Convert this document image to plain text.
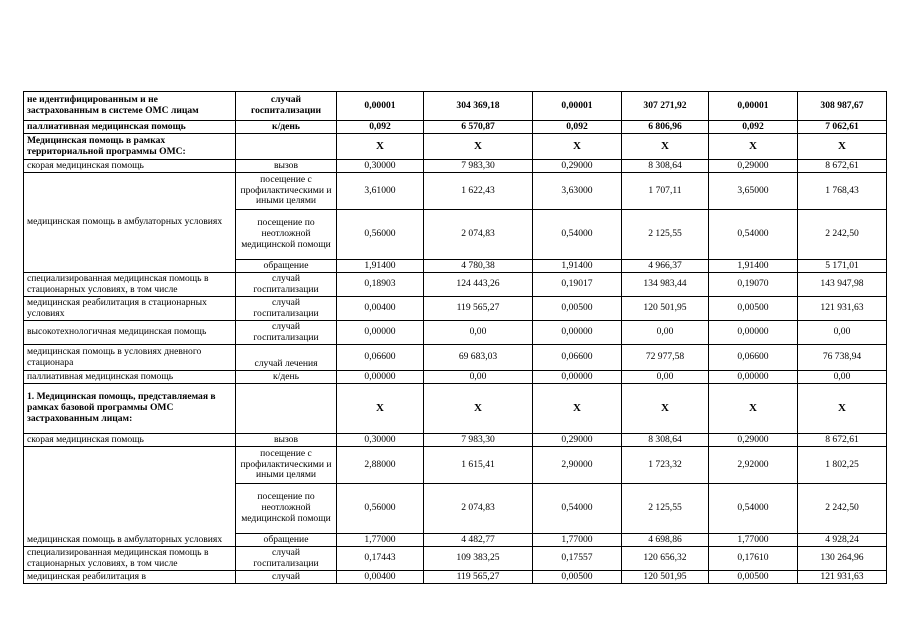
не идентифицированным и не застрахованным в системе ОМС лицам	случай госпитализации	0,00001	304 369,18	0,00001	307 271,92	0,00001	308 987,67
паллиативная медицинская помощь	к/день	0,092	6 570,87	0,092	6 806,96	0,092	7 062,61
Медицинская помощь в рамках территориальной программы ОМС:		Х	Х	Х	Х	Х	Х
скорая медицинская помощь	вызов	0,30000	7 983,30	0,29000	8 308,64	0,29000	8 672,61
медицинская помощь в амбулаторных условиях	посещение с профилактическими и иными целями	3,61000	1 622,43	3,63000	1 707,11	3,65000	1 768,43
	посещение по неотложной медицинской помощи	0,56000	2 074,83	0,54000	2 125,55	0,54000	2 242,50
	обращение	1,91400	4 780,38	1,91400	4 966,37	1,91400	5 171,01
специализированная медицинская помощь в стационарных условиях, в том числе	случай госпитализации	0,18903	124 443,26	0,19017	134 983,44	0,19070	143 947,98
медицинская реабилитация в стационарных условиях	случай госпитализации	0,00400	119 565,27	0,00500	120 501,95	0,00500	121 931,63
высокотехнологичная медицинская помощь	случай госпитализации	0,00000	0,00	0,00000	0,00	0,00000	0,00
медицинская помощь в условиях дневного стационара	случай лечения	0,06600	69 683,03	0,06600	72 977,58	0,06600	76 738,94
паллиативная медицинская помощь	к/день	0,00000	0,00	0,00000	0,00	0,00000	0,00
1. Медицинская помощь, представляемая в рамках базовой программы ОМС застрахованным лицам:		Х	Х	Х	Х	Х	Х
скорая медицинская помощь	вызов	0,30000	7 983,30	0,29000	8 308,64	0,29000	8 672,61
медицинская помощь в амбулаторных условиях	посещение с профилактическими и иными целями	2,88000	1 615,41	2,90000	1 723,32	2,92000	1 802,25
	посещение по неотложной медицинской помощи	0,56000	2 074,83	0,54000	2 125,55	0,54000	2 242,50
	обращение	1,77000	4 482,77	1,77000	4 698,86	1,77000	4 928,24
специализированная медицинская помощь в стационарных условиях, в том числе	случай госпитализации	0,17443	109 383,25	0,17557	120 656,32	0,17610	130 264,96
медицинская реабилитация в	случай	0,00400	119 565,27	0,00500	120 501,95	0,00500	121 931,63
